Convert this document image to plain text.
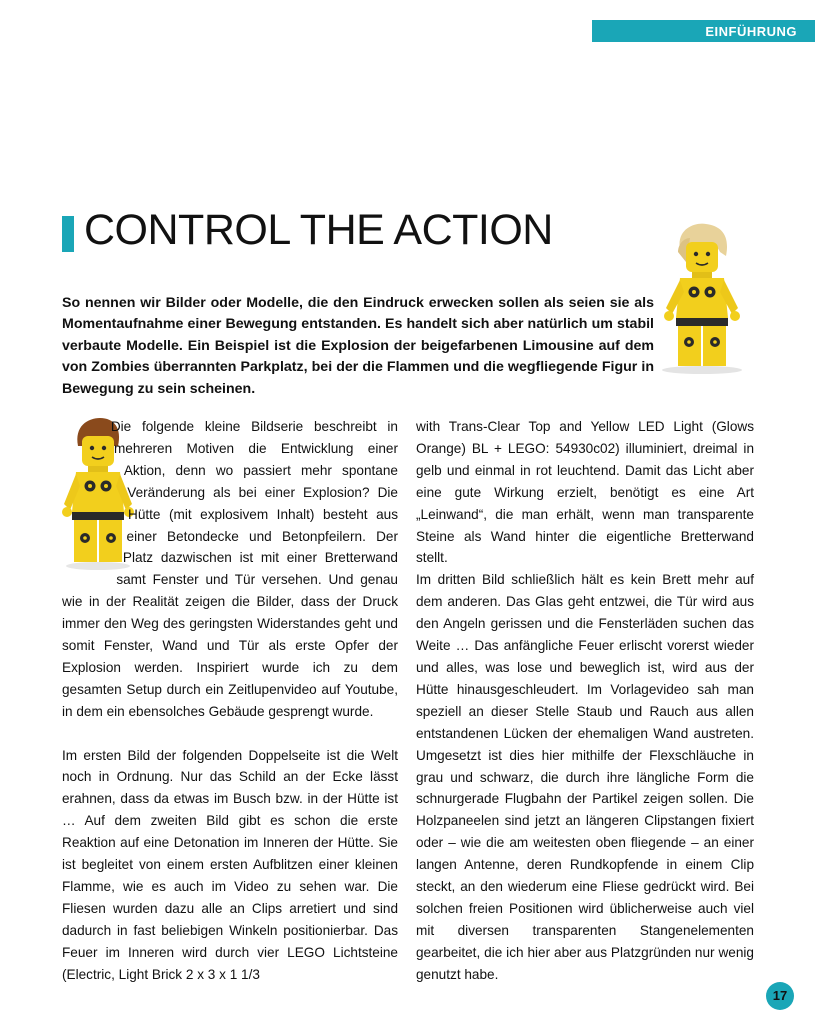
EINFÜHRUNG
CONTROL THE ACTION
So nennen wir Bilder oder Modelle, die den Eindruck erwecken sollen als seien sie als Momentaufnahme einer Bewegung entstanden. Es handelt sich aber natürlich um stabil verbaute Modelle. Ein Beispiel ist die Explosion der beigefarbenen Limousine auf dem von Zombies überrannten Parkplatz, bei der die Flammen und die wegfliegende Figur in Bewegung zu sein scheinen.

Die folgende kleine Bildserie beschreibt in mehreren Motiven die Entwicklung einer Aktion, denn wo passiert mehr spontane Veränderung als bei einer Explosion? Die Hütte (mit explosivem Inhalt) besteht aus einer Betondecke und Betonpfeilern. Der Platz dazwischen ist mit einer Bretterwand samt Fenster und Tür versehen. Und genau wie in der Realität zeigen die Bilder, dass der Druck immer den Weg des geringsten Widerstandes geht und somit Fenster, Wand und Tür als erste Opfer der Explosion werden. Inspiriert wurde ich zu dem gesamten Setup durch ein Zeitlupenvideo auf Youtube, in dem ein ebensolches Gebäude gesprengt wurde.

Im ersten Bild der folgenden Doppelseite ist die Welt noch in Ordnung. Nur das Schild an der Ecke lässt erahnen, dass da etwas im Busch bzw. in der Hütte ist … Auf dem zweiten Bild gibt es schon die erste Reaktion auf eine Detonation im Inneren der Hütte. Sie ist begleitet von einem ersten Aufblitzen einer kleinen Flamme, wie es auch im Video zu sehen war. Die Fliesen wurden dazu alle an Clips arretiert und sind dadurch in fast beliebigen Winkeln positionierbar. Das Feuer im Inneren wird durch vier LEGO Lichtsteine (Electric, Light Brick 2 x 3 x 1 1/3

with Trans-Clear Top and Yellow LED Light (Glows Orange) BL + LEGO: 54930c02) illuminiert, dreimal in gelb und einmal in rot leuchtend. Damit das Licht aber eine gute Wirkung erzielt, benötigt es eine Art „Leinwand“, die man erhält, wenn man transparente Steine als Wand hinter die eigentliche Bretterwand stellt.

Im dritten Bild schließlich hält es kein Brett mehr auf dem anderen. Das Glas geht entzwei, die Tür wird aus den Angeln gerissen und die Fensterläden suchen das Weite … Das anfängliche Feuer erlischt vorerst wieder und alles, was lose und beweglich ist, wird aus der Hütte hinausgeschleudert. Im Vorlagevideo sah man speziell an dieser Stelle Staub und Rauch aus allen entstandenen Lücken der ehemaligen Wand austreten. Umgesetzt ist dies hier mithilfe der Flexschläuche in grau und schwarz, die durch ihre längliche Form die schnurgerade Flugbahn der Partikel zeigen sollen. Die Holzpaneelen sind jetzt an längeren Clipstangen fixiert oder – wie die am weitesten oben fliegende – an einer langen Antenne, deren Rundkopfende in einem Clip steckt, an den wiederum eine Fliese gedrückt wird. Bei solchen freien Positionen wird üblicherweise auch viel mit diversen transparenten Stangenelementen gearbeitet, die ich hier aber aus Platzgründen nur wenig genutzt habe.

17
